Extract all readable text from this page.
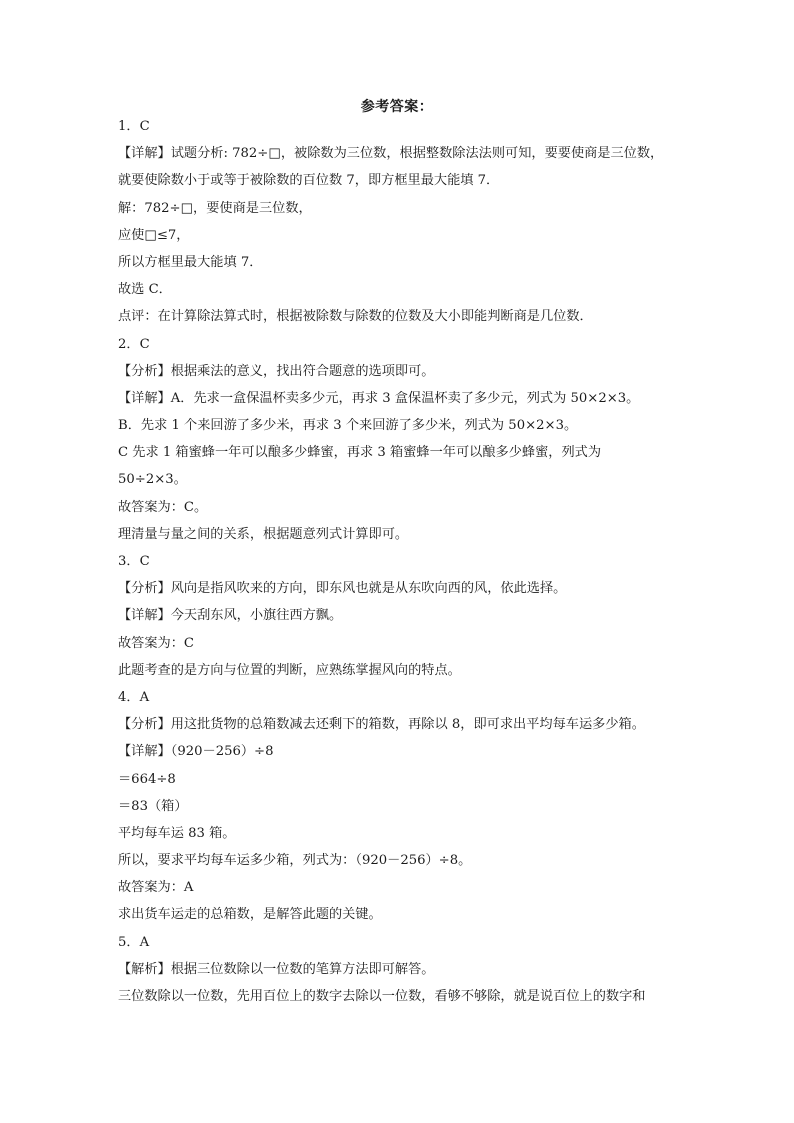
参考答案：
1．C
【详解】试题分析: 782÷□，被除数为三位数，根据整数除法法则可知，要要使商是三位数，
就要使除数小于或等于被除数的百位数 7，即方框里最大能填 7．
解：782÷□，要使商是三位数，
应使□≤7，
所以方框里最大能填 7．
故选 C．
点评：在计算除法算式时，根据被除数与除数的位数及大小即能判断商是几位数．
2．C
【分析】根据乘法的意义，找出符合题意的选项即可。
【详解】A．先求一盒保温杯卖多少元，再求 3 盒保温杯卖了多少元，列式为 50×2×3。
B．先求 1 个来回游了多少米，再求 3 个来回游了多少米，列式为 50×2×3。
C 先求 1 箱蜜蜂一年可以酿多少蜂蜜，再求 3 箱蜜蜂一年可以酿多少蜂蜜，列式为
50÷2×3。
故答案为：C。
理清量与量之间的关系，根据题意列式计算即可。
3．C
【分析】风向是指风吹来的方向，即东风也就是从东吹向西的风，依此选择。
【详解】今天刮东风，小旗往西方飘。
故答案为：C
此题考查的是方向与位置的判断，应熟练掌握风向的特点。
4．A
【分析】用这批货物的总箱数减去还剩下的箱数，再除以 8，即可求出平均每车运多少箱。
【详解】（920－256）÷8
＝664÷8
＝83（箱）
平均每车运 83 箱。
所以，要求平均每车运多少箱，列式为：（920－256）÷8。
故答案为：A
求出货车运走的总箱数，是解答此题的关键。
5．A
【解析】根据三位数除以一位数的笔算方法即可解答。
三位数除以一位数，先用百位上的数字去除以一位数，看够不够除，就是说百位上的数字和
